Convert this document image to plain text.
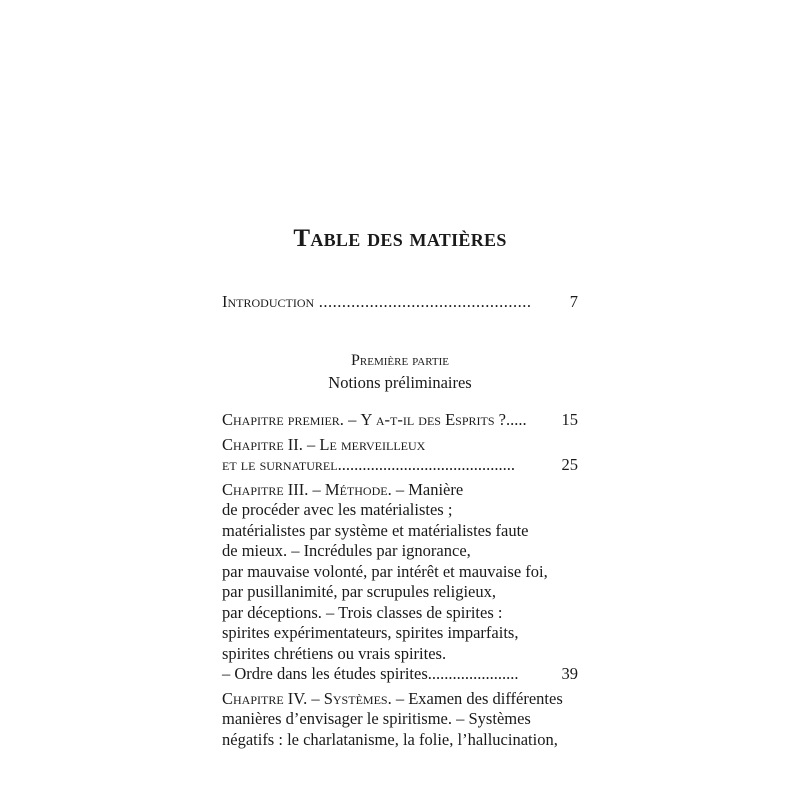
Table des matières
Introduction ..............................................	7
Première partie
Notions préliminaires
Chapitre premier. – Y a-t-il des Esprits ?.....	15
Chapitre II. – Le merveilleux
et le surnaturel...........................................	25
Chapitre III. – Méthode. – Manière
de procéder avec les matérialistes ;
matérialistes par système et matérialistes faute
de mieux. – Incrédules par ignorance,
par mauvaise volonté, par intérêt et mauvaise foi,
par pusillanimité, par scrupules religieux,
par déceptions. – Trois classes de spirites :
spirites expérimentateurs, spirites imparfaits,
spirites chrétiens ou vrais spirites.
– Ordre dans les études spirites......................	39
Chapitre IV. – Systèmes. – Examen des différentes
manières d’envisager le spiritisme. – Systèmes
négatifs : le charlatanisme, la folie, l’hallucination,
